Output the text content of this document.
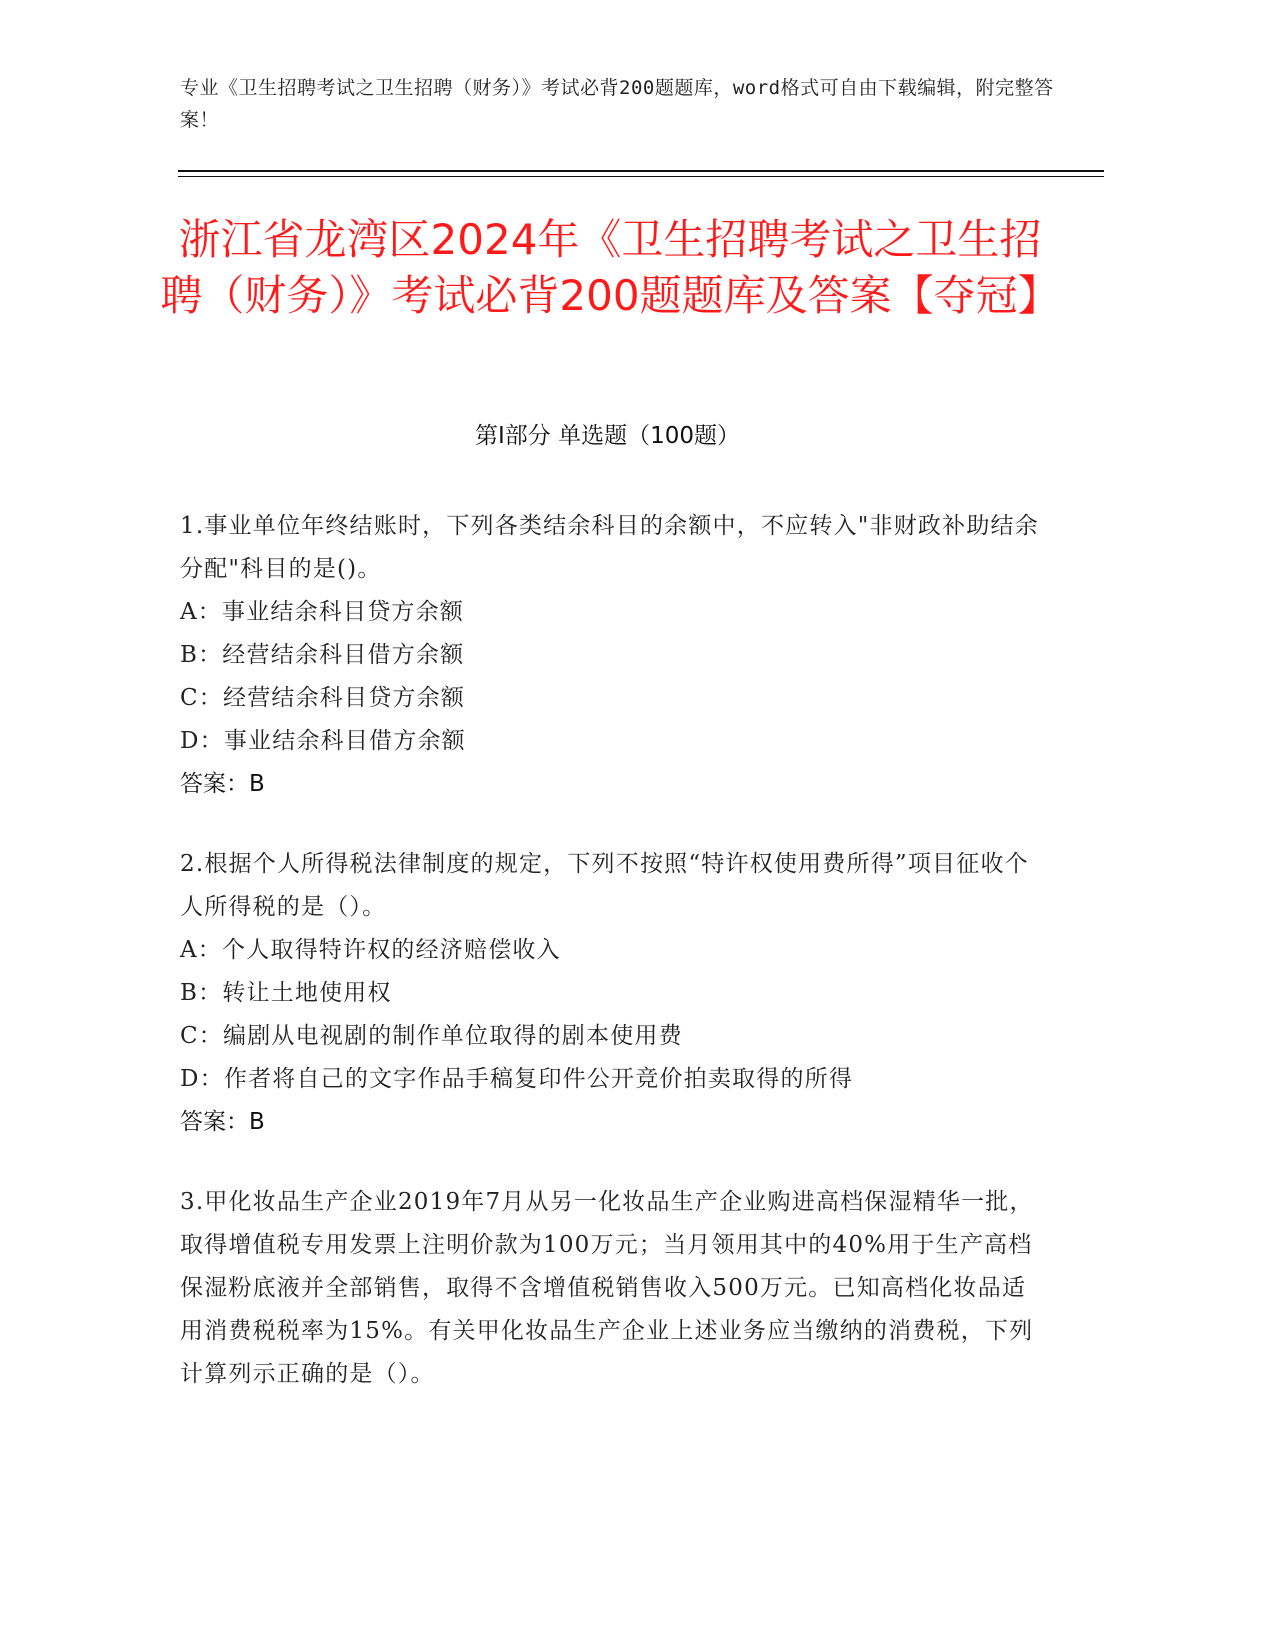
专业《卫生招聘考试之卫生招聘（财务）》考试必背200题题库，word格式可自由下载编辑，附完整答案！
浙江省龙湾区2024年《卫生招聘考试之卫生招聘（财务）》考试必背200题题库及答案【夺冠】
第Ⅰ部分 单选题（100题）
1.事业单位年终结账时，下列各类结余科目的余额中，不应转入"非财政补助结余分配"科目的是()。
A：事业结余科目贷方余额
B：经营结余科目借方余额
C：经营结余科目贷方余额
D：事业结余科目借方余额
答案：B
2.根据个人所得税法律制度的规定，下列不按照“特许权使用费所得”项目征收个人所得税的是（）。
A：个人取得特许权的经济赔偿收入
B：转让土地使用权
C：编剧从电视剧的制作单位取得的剧本使用费
D：作者将自己的文字作品手稿复印件公开竞价拍卖取得的所得
答案：B
3.甲化妆品生产企业2019年7月从另一化妆品生产企业购进高档保湿精华一批，取得增值税专用发票上注明价款为100万元；当月领用其中的40%用于生产高档保湿粉底液并全部销售，取得不含增值税销售收入500万元。已知高档化妆品适用消费税税率为15%。有关甲化妆品生产企业上述业务应当缴纳的消费税，下列计算列示正确的是（）。
